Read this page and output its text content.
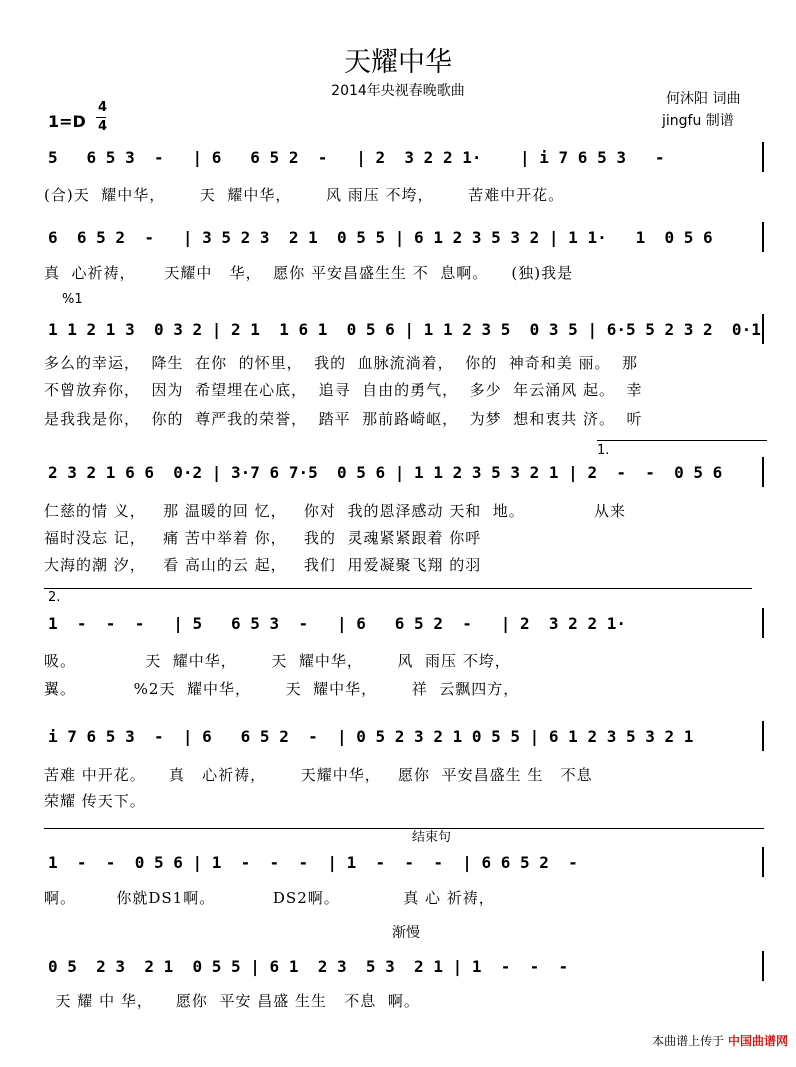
天耀中华
2014年央视春晚歌曲	何沐阳 词曲
jingfu 制谱
1=D
4
4
5   6 5 3  -   | 6   6 5 2  -   | 2  3 2 2 1·    | i 7 6 5 3   -
(合)天  耀中华，      天  耀中华，      风 雨压 不垮，      苦难中开花。
6  6 5 2  -   | 3 5 2 3  2 1  0 5 5 | 6 1 2 3 5 3 2 | 1 1·   1  0 5 6
真  心祈祷，     天耀中   华，  愿你 平安昌盛生生 不  息啊。    (独)我是
1 1 2 1 3  0 3 2 | 2 1  1 6 1  0 5 6 | 1 1 2 3 5  0 3 5 | 6·5 5 2 3 2  0·1
多么的幸运，  降生  在你  的怀里，  我的  血脉流淌着，  你的  神奇和美 丽。  那
不曾放弃你，  因为  希望埋在心底，  追寻  自由的勇气，  多少  年云涌风 起。  幸
是我我是你，  你的  尊严我的荣誉，  踏平  那前路崎岖，  为梦  想和衷共 济。  听
2 3 2 1 6 6  0·2 | 3·7 6 7·5  0 5 6 | 1 1 2 3 5 3 2 1 | 2  -  -  0 5 6
仁慈的情 义，   那 温暖的回 忆，   你对  我的恩泽感动 天和  地。            从来
福时没忘 记，   痛 苦中举着 你，   我的  灵魂紧紧跟着 你呼
大海的潮 汐，   看 高山的云 起，   我们  用爱凝聚飞翔 的羽
1  -  -  -   | 5   6 5 3  -   | 6   6 5 2  -   | 2  3 2 2 1·
吸。            天  耀中华，      天  耀中华，      风  雨压 不垮，
翼。          %2天  耀中华，      天  耀中华，      祥  云飘四方，
i 7 6 5 3  -  | 6   6 5 2  -  | 0 5 2 3 2 1 0 5 5 | 6 1 2 3 5 3 2 1
苦难 中开花。    真   心祈祷，      天耀中华，   愿你  平安昌盛生 生   不息
荣耀 传天下。
1  -  -  0 5 6 | 1  -  -  -  | 1  -  -  -  | 6 6 5 2  -
啊。       你就DS1啊。          DS2啊。           真 心 祈祷，
0 5  2 3  2 1  0 5 5 | 6 1  2 3  5 3  2 1 | 1  -  -  -
天 耀 中 华，    愿你  平安 昌盛 生生   不息  啊。
%1
1.
2.
结束句
渐慢
本曲谱上传于 中国曲谱网
